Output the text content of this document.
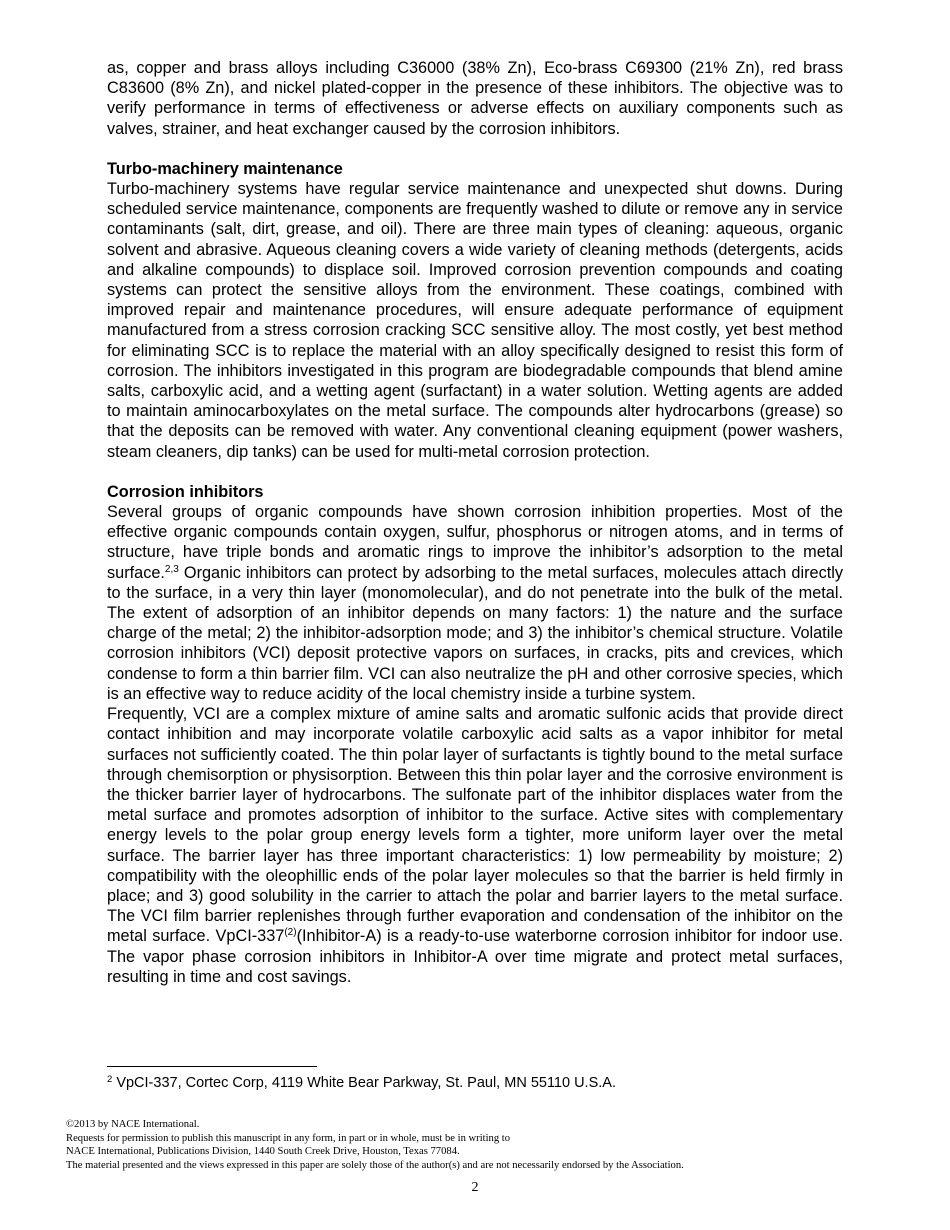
as, copper and brass alloys including C36000 (38% Zn), Eco-brass C69300 (21% Zn), red brass C83600 (8% Zn), and nickel plated-copper in the presence of these inhibitors. The objective was to verify performance in terms of effectiveness or adverse effects on auxiliary components such as valves, strainer, and heat exchanger caused by the corrosion inhibitors.

Turbo-machinery maintenance

Turbo-machinery systems have regular service maintenance and unexpected shut downs. During scheduled service maintenance, components are frequently washed to dilute or remove any in service contaminants (salt, dirt, grease, and oil). There are three main types of cleaning: aqueous, organic solvent and abrasive. Aqueous cleaning covers a wide variety of cleaning methods (detergents, acids and alkaline compounds) to displace soil. Improved corrosion prevention compounds and coating systems can protect the sensitive alloys from the environment. These coatings, combined with improved repair and maintenance procedures, will ensure adequate performance of equipment manufactured from a stress corrosion cracking SCC sensitive alloy. The most costly, yet best method for eliminating SCC is to replace the material with an alloy specifically designed to resist this form of corrosion. The inhibitors investigated in this program are biodegradable compounds that blend amine salts, carboxylic acid, and a wetting agent (surfactant) in a water solution. Wetting agents are added to maintain aminocarboxylates on the metal surface. The compounds alter hydrocarbons (grease) so that the deposits can be removed with water. Any conventional cleaning equipment (power washers, steam cleaners, dip tanks) can be used for multi-metal corrosion protection.

Corrosion inhibitors

Several groups of organic compounds have shown corrosion inhibition properties. Most of the effective organic compounds contain oxygen, sulfur, phosphorus or nitrogen atoms, and in terms of structure, have triple bonds and aromatic rings to improve the inhibitor’s adsorption to the metal surface.$^{2,3}$ Organic inhibitors can protect by adsorbing to the metal surfaces, molecules attach directly to the surface, in a very thin layer (monomolecular), and do not penetrate into the bulk of the metal. The extent of adsorption of an inhibitor depends on many factors: 1) the nature and the surface charge of the metal; 2) the inhibitor-adsorption mode; and 3) the inhibitor’s chemical structure. Volatile corrosion inhibitors (VCI) deposit protective vapors on surfaces, in cracks, pits and crevices, which condense to form a thin barrier film. VCI can also neutralize the pH and other corrosive species, which is an effective way to reduce acidity of the local chemistry inside a turbine system.

Frequently, VCI are a complex mixture of amine salts and aromatic sulfonic acids that provide direct contact inhibition and may incorporate volatile carboxylic acid salts as a vapor inhibitor for metal surfaces not sufficiently coated. The thin polar layer of surfactants is tightly bound to the metal surface through chemisorption or physisorption. Between this thin polar layer and the corrosive environment is the thicker barrier layer of hydrocarbons. The sulfonate part of the inhibitor displaces water from the metal surface and promotes adsorption of inhibitor to the surface. Active sites with complementary energy levels to the polar group energy levels form a tighter, more uniform layer over the metal surface. The barrier layer has three important characteristics: 1) low permeability by moisture; 2) compatibility with the oleophillic ends of the polar layer molecules so that the barrier is held firmly in place; and 3) good solubility in the carrier to attach the polar and barrier layers to the metal surface. The VCI film barrier replenishes through further evaporation and condensation of the inhibitor on the metal surface. VpCI-337$^{(2)}$(Inhibitor-A) is a ready-to-use waterborne corrosion inhibitor for indoor use. The vapor phase corrosion inhibitors in Inhibitor-A over time migrate and protect metal surfaces, resulting in time and cost savings.

$^2$ VpCI-337, Cortec Corp, 4119 White Bear Parkway, St. Paul, MN 55110 U.S.A.

©2013 by NACE International.

Requests for permission to publish this manuscript in any form, in part or in whole, must be in writing to

NACE International, Publications Division, 1440 South Creek Drive, Houston, Texas 77084.

The material presented and the views expressed in this paper are solely those of the author(s) and are not necessarily endorsed by the Association.

2
